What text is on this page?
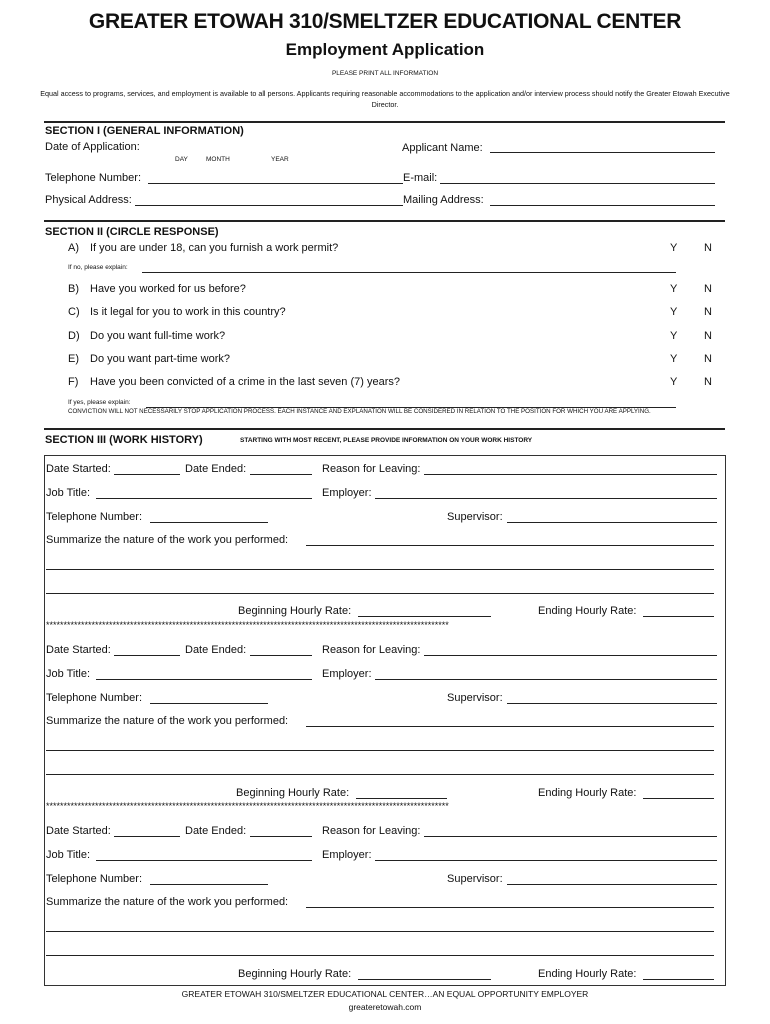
GREATER ETOWAH 310/SMELTZER EDUCATIONAL CENTER
Employment Application
PLEASE PRINT ALL INFORMATION
Equal access to programs, services, and employment is available to all persons. Applicants requiring reasonable accommodations to the application and/or interview process should notify the Greater Etowah Executive Director.
SECTION I (GENERAL INFORMATION)
Date of Application:
DAY	MONTH	YEAR
Applicant Name:
Telephone Number:	E-mail:
Physical Address:	Mailing Address:
SECTION II (CIRCLE RESPONSE)
A) If you are under 18, can you furnish a work permit?	Y N
If no, please explain:
B) Have you worked for us before?	Y N
C) Is it legal for you to work in this country?	Y N
D) Do you want full-time work?	Y N
E) Do you want part-time work?	Y N
F) Have you been convicted of a crime in the last seven (7) years?	Y N
If yes, please explain:
CONVICTION WILL NOT NECESSARILY STOP APPLICATION PROCESS. EACH INSTANCE AND EXPLANATION WILL BE CONSIDERED IN RELATION TO THE POSITION FOR WHICH YOU ARE APPLYING.
SECTION III (WORK HISTORY)	STARTING WITH MOST RECENT, PLEASE PROVIDE INFORMATION ON YOUR WORK HISTORY
Date Started:	Date Ended:	Reason for Leaving:
Job Title:	Employer:
Telephone Number:	Supervisor:
Summarize the nature of the work you performed:
Beginning Hourly Rate:	Ending Hourly Rate:
*******************************************************************************************************************
Date Started:	Date Ended:	Reason for Leaving:
Job Title:	Employer:
Telephone Number:	Supervisor:
Summarize the nature of the work you performed:
Beginning Hourly Rate:	Ending Hourly Rate:
*******************************************************************************************************************
Date Started:	Date Ended:	Reason for Leaving:
Job Title:	Employer:
Telephone Number:	Supervisor:
Summarize the nature of the work you performed:
Beginning Hourly Rate:	Ending Hourly Rate:
GREATER ETOWAH 310/SMELTZER EDUCATIONAL CENTER…AN EQUAL OPPORTUNITY EMPLOYER
greateretowah.com
